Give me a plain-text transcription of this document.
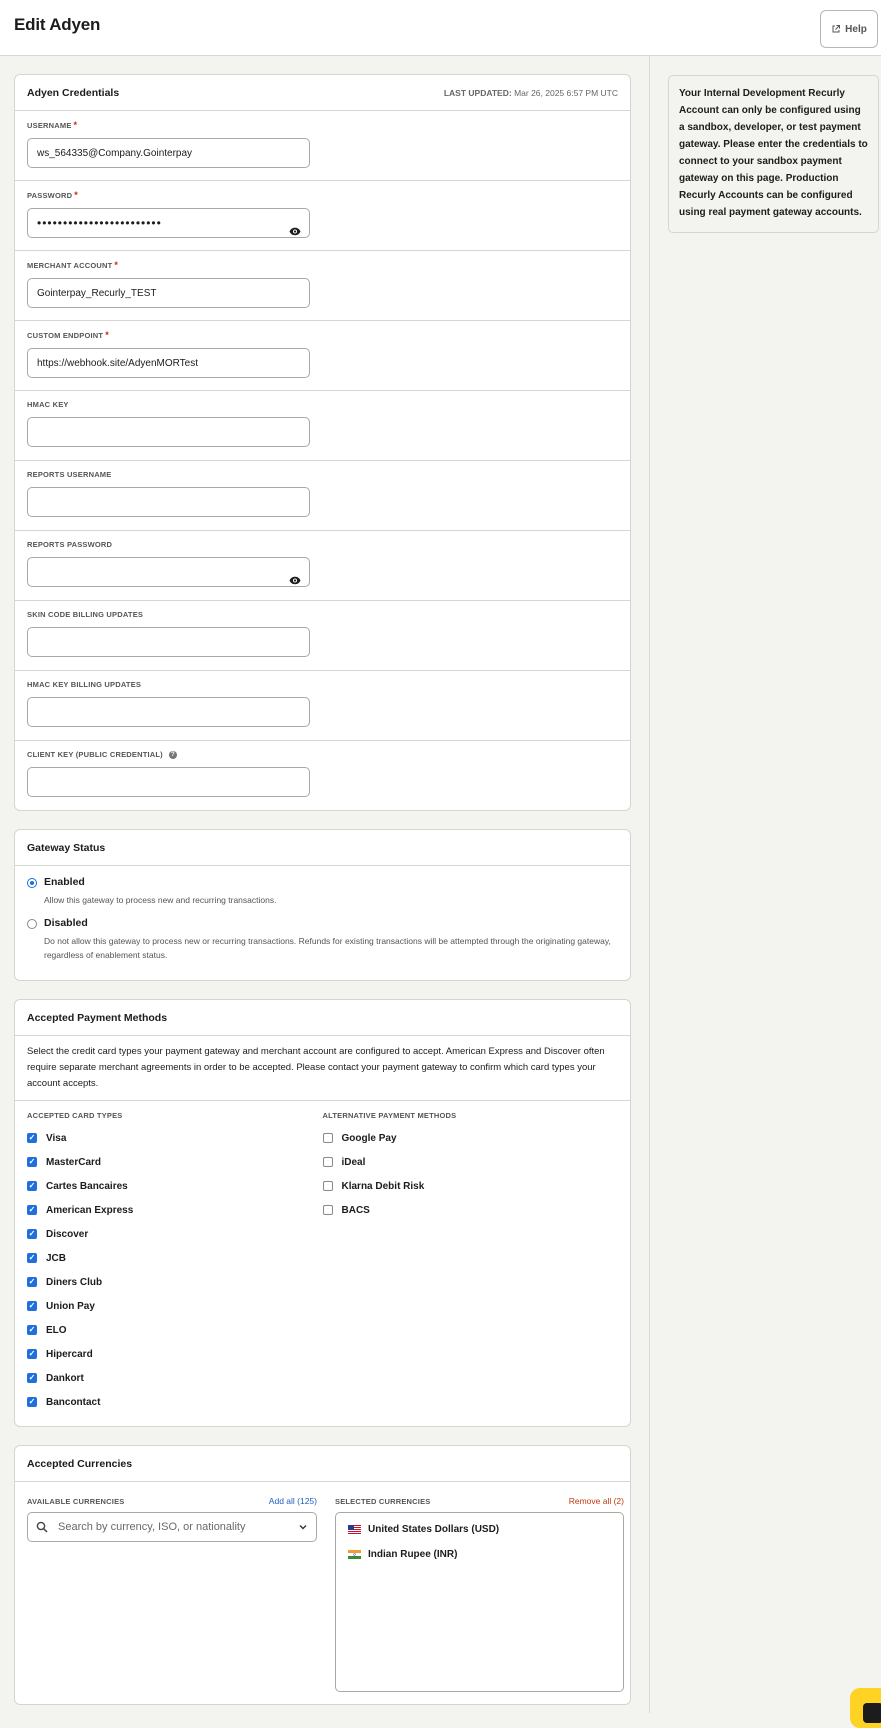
Edit Adyen	Help
Adyen Credentials	LAST UPDATED: Mar 26, 2025 6:57 PM UTC
USERNAME *
ws_564335@Company.Gointerpay
PASSWORD *
••••••••••••••••••••••••
MERCHANT ACCOUNT *
Gointerpay_Recurly_TEST
CUSTOM ENDPOINT *
https://webhook.site/AdyenMORTest
HMAC KEY
REPORTS USERNAME
REPORTS PASSWORD
SKIN CODE BILLING UPDATES
HMAC KEY BILLING UPDATES
CLIENT KEY (PUBLIC CREDENTIAL)	?
Gateway Status
Enabled
Allow this gateway to process new and recurring transactions.
Disabled
Do not allow this gateway to process new or recurring transactions. Refunds for existing transactions will be attempted through the originating gateway, regardless of enablement status.
Accepted Payment Methods
Select the credit card types your payment gateway and merchant account are configured to accept. American Express and Discover often require separate merchant agreements in order to be accepted. Please contact your payment gateway to confirm which card types your account accepts.
ACCEPTED CARD TYPES
✓
Visa
✓
MasterCard
✓
Cartes Bancaires
✓
American Express
✓
Discover
✓
JCB
✓
Diners Club
✓
Union Pay
✓
ELO
✓
Hipercard
✓
Dankort
✓
Bancontact
ALTERNATIVE PAYMENT METHODS
Google Pay
iDeal
Klarna Debit Risk
BACS
Accepted Currencies
AVAILABLE CURRENCIES	Add all (125)
Search by currency, ISO, or nationality SELECTED CURRENCIES	Remove all (2)
United States Dollars (USD)
Indian Rupee (INR)
Your Internal Development Recurly Account can only be configured using a sandbox, developer, or test payment gateway. Please enter the credentials to connect to your sandbox payment gateway on this page. Production Recurly Accounts can be configured using real payment gateway accounts.
